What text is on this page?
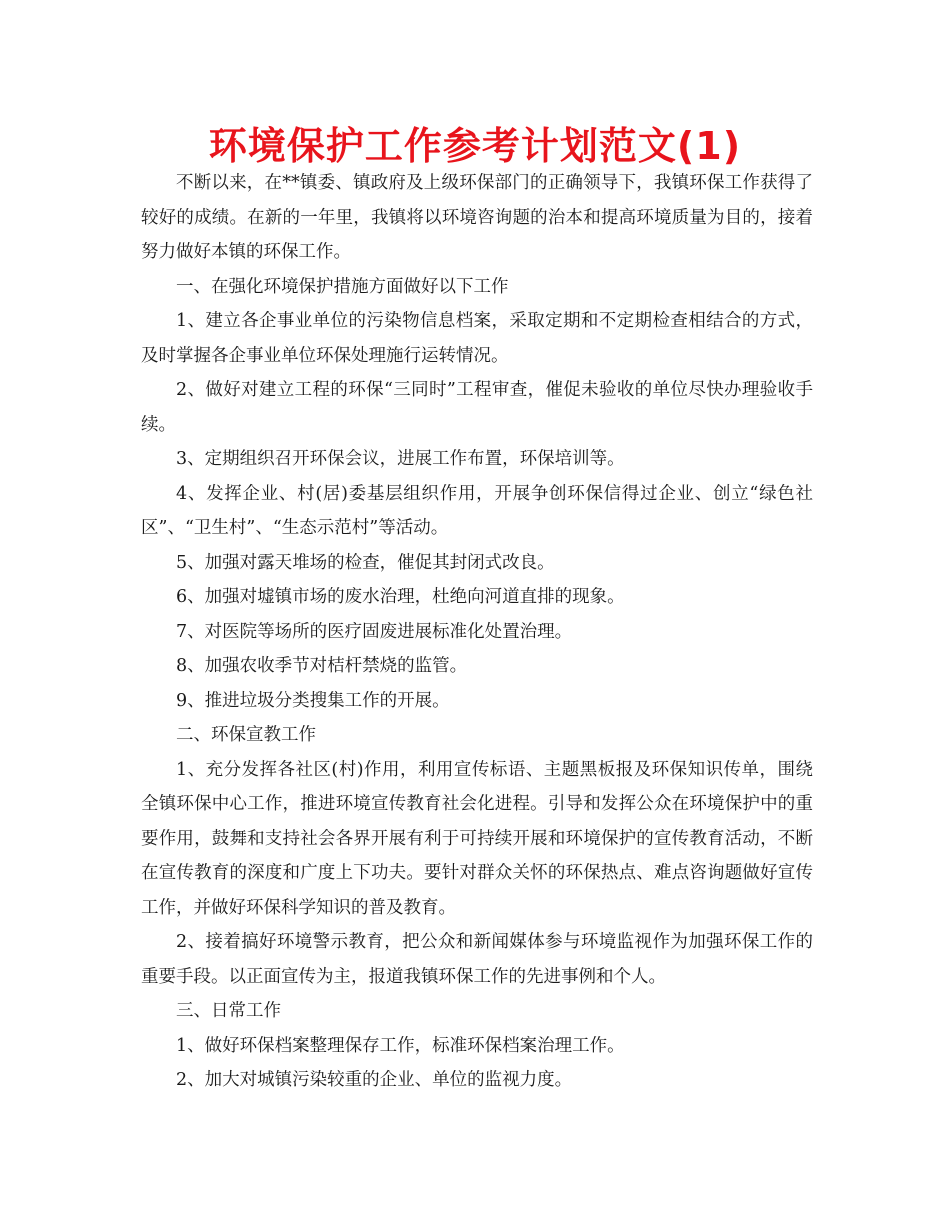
环境保护工作参考计划范文(1)

不断以来，在**镇委、镇政府及上级环保部门的正确领导下，我镇环保工作获得了较好的成绩。在新的一年里，我镇将以环境咨询题的治本和提高环境质量为目的，接着努力做好本镇的环保工作。

一、在强化环境保护措施方面做好以下工作

1、建立各企事业单位的污染物信息档案，采取定期和不定期检查相结合的方式，及时掌握各企事业单位环保处理施行运转情况。

2、做好对建立工程的环保“三同时”工程审查，催促未验收的单位尽快办理验收手续。

3、定期组织召开环保会议，进展工作布置，环保培训等。

4、发挥企业、村(居)委基层组织作用，开展争创环保信得过企业、创立“绿色社区”、“卫生村”、“生态示范村”等活动。

5、加强对露天堆场的检查，催促其封闭式改良。

6、加强对墟镇市场的废水治理，杜绝向河道直排的现象。

7、对医院等场所的医疗固废进展标准化处置治理。

8、加强农收季节对桔杆禁烧的监管。

9、推进垃圾分类搜集工作的开展。

二、环保宣教工作

1、充分发挥各社区(村)作用，利用宣传标语、主题黑板报及环保知识传单，围绕全镇环保中心工作，推进环境宣传教育社会化进程。引导和发挥公众在环境保护中的重要作用，鼓舞和支持社会各界开展有利于可持续开展和环境保护的宣传教育活动，不断在宣传教育的深度和广度上下功夫。要针对群众关怀的环保热点、难点咨询题做好宣传工作，并做好环保科学知识的普及教育。

2、接着搞好环境警示教育，把公众和新闻媒体参与环境监视作为加强环保工作的重要手段。以正面宣传为主，报道我镇环保工作的先进事例和个人。

三、日常工作

1、做好环保档案整理保存工作，标准环保档案治理工作。

2、加大对城镇污染较重的企业、单位的监视力度。
